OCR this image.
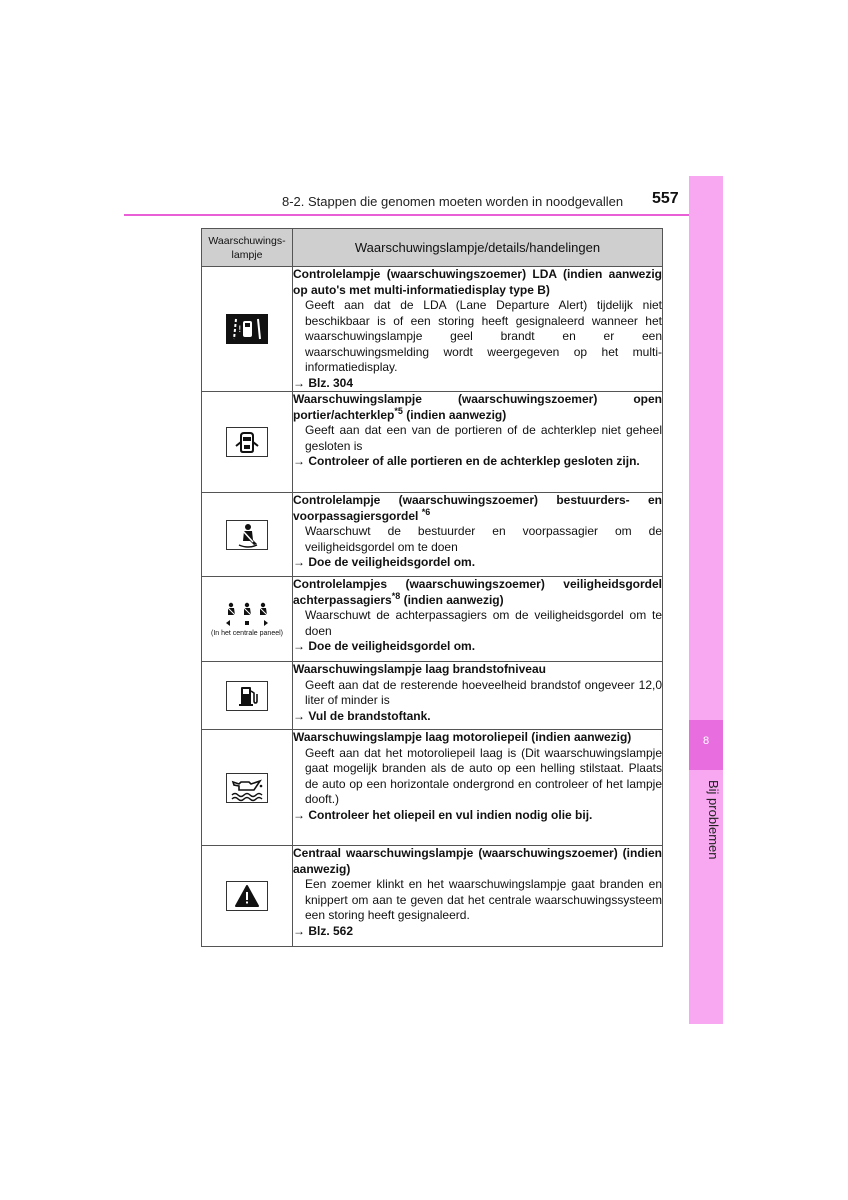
8-2. Stappen die genomen moeten worden in noodgevallen 557
8
Bij problemen
Waarschuwings-lampje	Waarschuwingslampje/details/handelingen

!	Controlelampje (waarschuwingszoemer) LDA (indien aanwezig op auto's met multi-informatiedisplay type B)
Geeft aan dat de LDA (Lane Departure Alert) tijdelijk niet beschikbaar is of een storing heeft gesignaleerd wanneer het waarschuwingslampje geel brandt en er een waarschuwingsmelding wordt weergegeven op het multi-informatiedisplay.
→ Blz. 304

Waarschuwingslampje (waarschuwingszoemer) open portier/achterklep$^{*5}$ (indien aanwezig)
Geeft aan dat een van de portieren of de achterklep niet geheel gesloten is
→ Controleer of alle portieren en de achterklep gesloten zijn.

Controlelampje (waarschuwingszoemer) bestuurders- en voorpassagiersgordel $^{*6}$
Waarschuwt de bestuurder en voorpassagier om de veiligheidsgordel om te doen
→ Doe de veiligheidsgordel om.

(In het centrale paneel)	Controlelampjes (waarschuwingszoemer) veiligheidsgordel achterpassagiers$^{*8}$ (indien aanwezig)
Waarschuwt de achterpassagiers om de veiligheidsgordel om te doen
→ Doe de veiligheidsgordel om.

Waarschuwingslampje laag brandstofniveau
Geeft aan dat de resterende hoeveelheid brandstof ongeveer 12,0 liter of minder is
→ Vul de brandstoftank.

Waarschuwingslampje laag motoroliepeil (indien aanwezig)
Geeft aan dat het motoroliepeil laag is (Dit waarschuwingslampje gaat mogelijk branden als de auto op een helling stilstaat. Plaats de auto op een horizontale ondergrond en controleer of het lampje dooft.)
→ Controleer het oliepeil en vul indien nodig olie bij.

Centraal waarschuwingslampje (waarschuwingszoemer) (indien aanwezig)
Een zoemer klinkt en het waarschuwingslampje gaat branden en knippert om aan te geven dat het centrale waarschuwingssysteem een storing heeft gesignaleerd.
→ Blz. 562
